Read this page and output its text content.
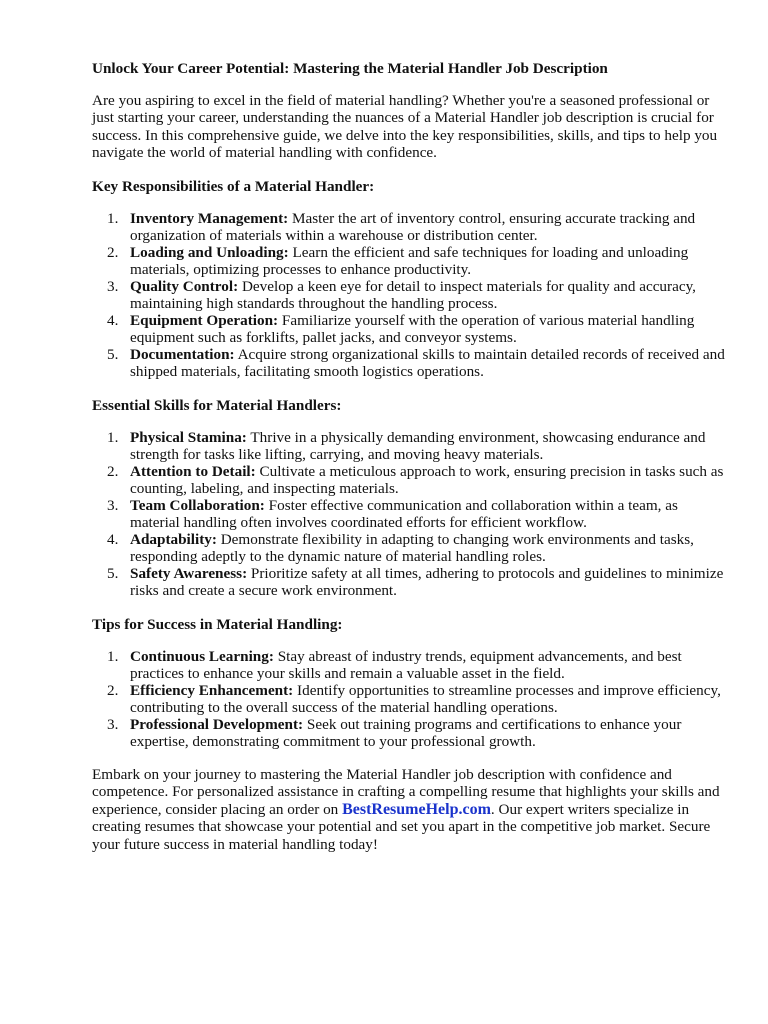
Unlock Your Career Potential: Mastering the Material Handler Job Description

Are you aspiring to excel in the field of material handling? Whether you're a seasoned professional or just starting your career, understanding the nuances of a Material Handler job description is crucial for success. In this comprehensive guide, we delve into the key responsibilities, skills, and tips to help you navigate the world of material handling with confidence.

Key Responsibilities of a Material Handler:
1. Inventory Management: Master the art of inventory control, ensuring accurate tracking and organization of materials within a warehouse or distribution center.
2. Loading and Unloading: Learn the efficient and safe techniques for loading and unloading materials, optimizing processes to enhance productivity.
3. Quality Control: Develop a keen eye for detail to inspect materials for quality and accuracy, maintaining high standards throughout the handling process.
4. Equipment Operation: Familiarize yourself with the operation of various material handling equipment such as forklifts, pallet jacks, and conveyor systems.
5. Documentation: Acquire strong organizational skills to maintain detailed records of received and shipped materials, facilitating smooth logistics operations.
Essential Skills for Material Handlers:
1. Physical Stamina: Thrive in a physically demanding environment, showcasing endurance and strength for tasks like lifting, carrying, and moving heavy materials.
2. Attention to Detail: Cultivate a meticulous approach to work, ensuring precision in tasks such as counting, labeling, and inspecting materials.
3. Team Collaboration: Foster effective communication and collaboration within a team, as material handling often involves coordinated efforts for efficient workflow.
4. Adaptability: Demonstrate flexibility in adapting to changing work environments and tasks, responding adeptly to the dynamic nature of material handling roles.
5. Safety Awareness: Prioritize safety at all times, adhering to protocols and guidelines to minimize risks and create a secure work environment.
Tips for Success in Material Handling:
1. Continuous Learning: Stay abreast of industry trends, equipment advancements, and best practices to enhance your skills and remain a valuable asset in the field.
2. Efficiency Enhancement: Identify opportunities to streamline processes and improve efficiency, contributing to the overall success of the material handling operations.
3. Professional Development: Seek out training programs and certifications to enhance your expertise, demonstrating commitment to your professional growth.

Embark on your journey to mastering the Material Handler job description with confidence and competence. For personalized assistance in crafting a compelling resume that highlights your skills and experience, consider placing an order on BestResumeHelp.com. Our expert writers specialize in creating resumes that showcase your potential and set you apart in the competitive job market. Secure your future success in material handling today!
